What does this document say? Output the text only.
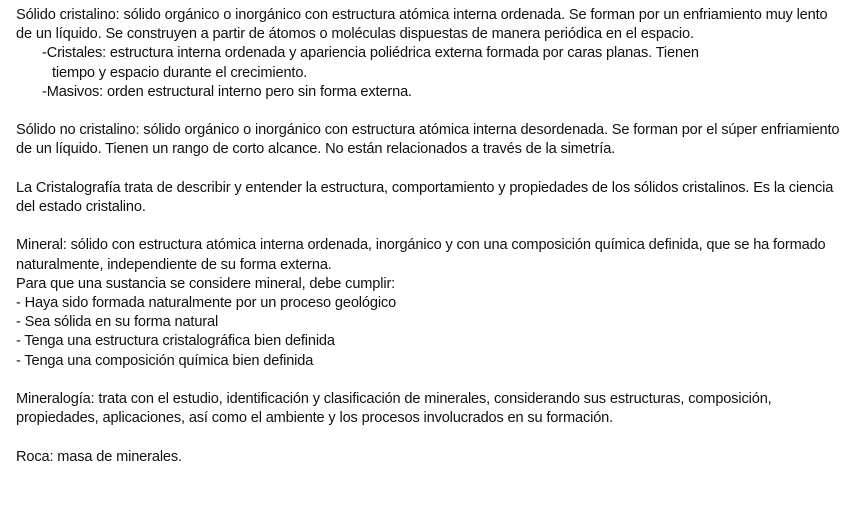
Sólido cristalino: sólido orgánico o inorgánico con estructura atómica interna ordenada. Se forman por un enfriamiento muy lento de un líquido. Se construyen a partir de átomos o moléculas dispuestas de manera periódica en el espacio.

-Cristales: estructura interna ordenada y apariencia poliédrica externa formada por caras planas. Tienen
tiempo y espacio durante el crecimiento.
-Masivos: orden estructural interno pero sin forma externa.

Sólido no cristalino: sólido orgánico o inorgánico con estructura atómica interna desordenada. Se forman por el súper enfriamiento de un líquido. Tienen un rango de corto alcance. No están relacionados a través de la simetría.

La Cristalografía trata de describir y entender la estructura, comportamiento y propiedades de los sólidos cristalinos. Es la ciencia del estado cristalino.

Mineral: sólido con estructura atómica interna ordenada, inorgánico y con una composición química definida, que se ha formado naturalmente, independiente de su forma externa.

Para que una sustancia se considere mineral, debe cumplir:

- Haya sido formada naturalmente por un proceso geológico
- Sea sólida en su forma natural
- Tenga una estructura cristalográfica bien definida
- Tenga una composición química bien definida

Mineralogía: trata con el estudio, identificación y clasificación de minerales, considerando sus estructuras, composición, propiedades, aplicaciones, así como el ambiente y los procesos involucrados en su formación.

Roca: masa de minerales.
